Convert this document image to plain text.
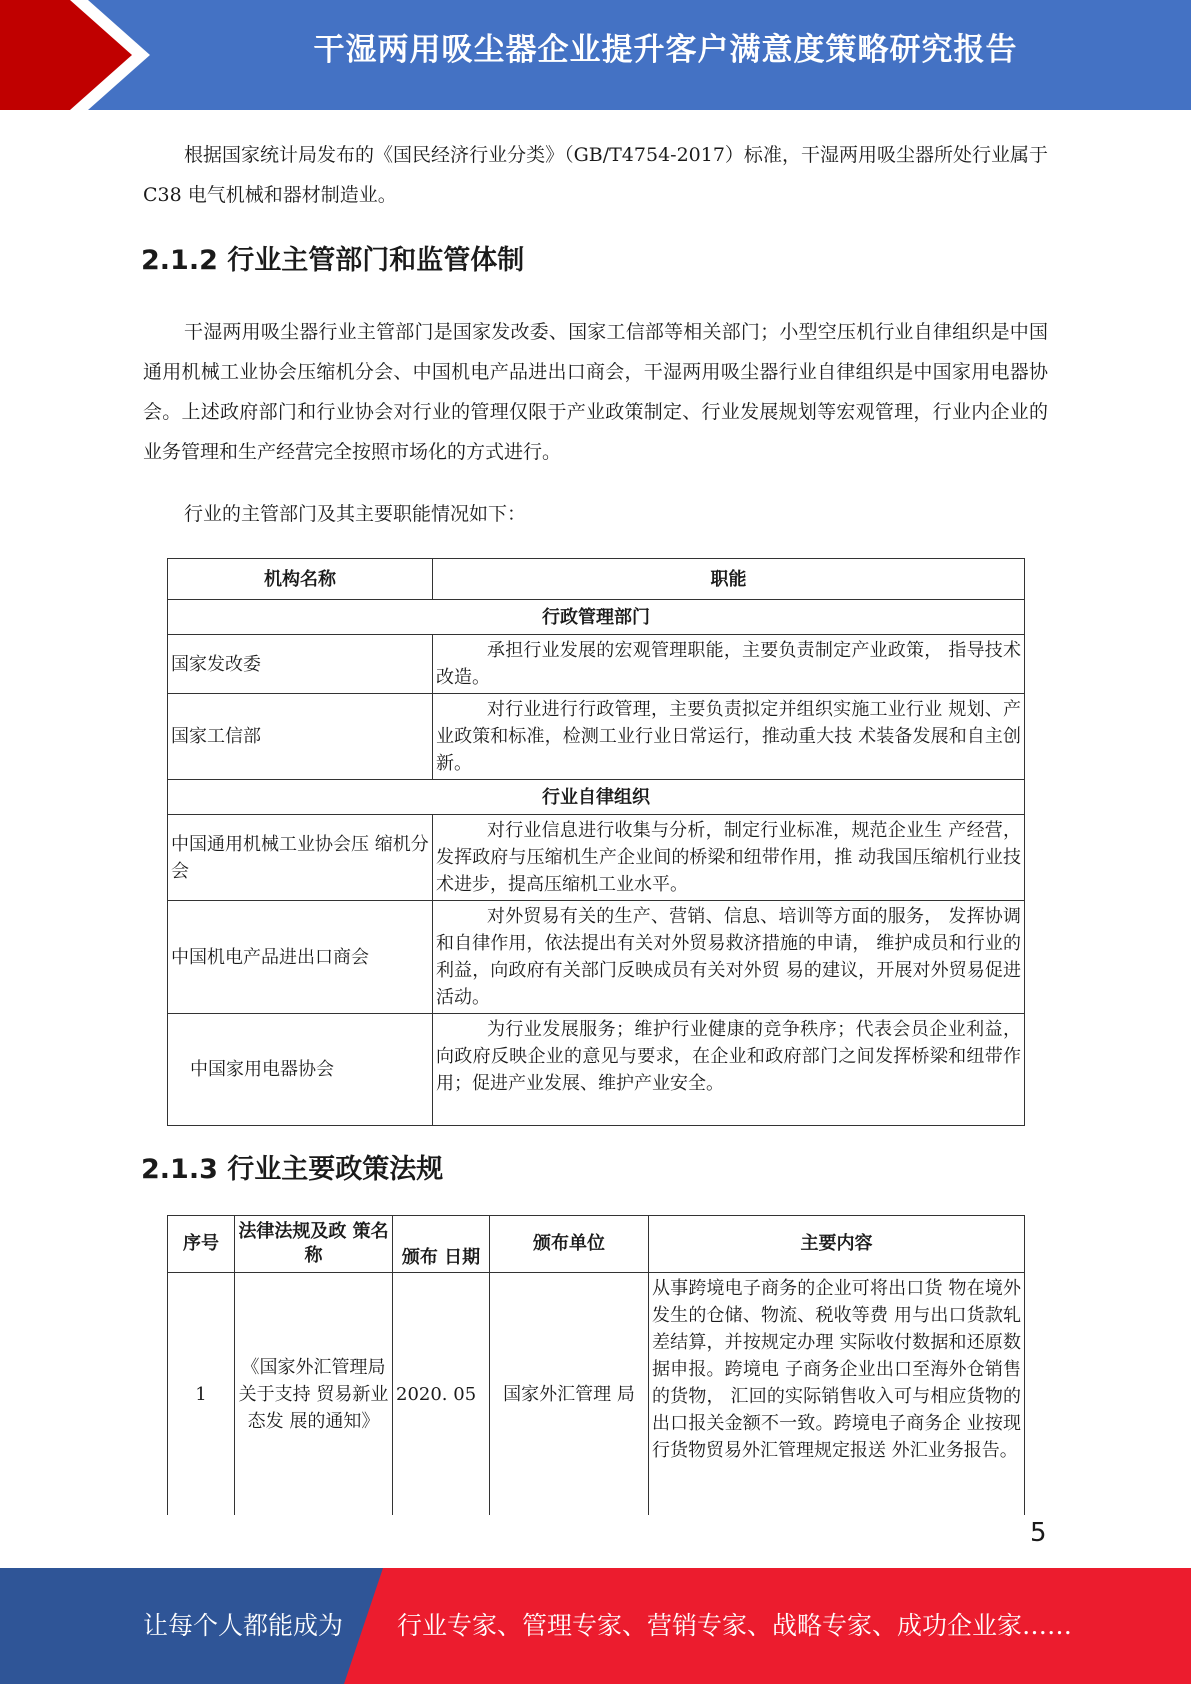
干湿两用吸尘器企业提升客户满意度策略研究报告

根据国家统计局发布的《国民经济行业分类》（GB/T4754-2017）标准，干湿两用吸尘器所处行业属于 C38 电气机械和器材制造业。

2.1.2 行业主管部门和监管体制

干湿两用吸尘器行业主管部门是国家发改委、国家工信部等相关部门；小型空压机行业自律组织是中国通用机械工业协会压缩机分会、中国机电产品进出口商会，干湿两用吸尘器行业自律组织是中国家用电器协会。上述政府部门和行业协会对行业的管理仅限于产业政策制定、行业发展规划等宏观管理，行业内企业的业务管理和生产经营完全按照市场化的方式进行。

行业的主管部门及其主要职能情况如下：

机构名称	职能
行政管理部门	
国家发改委	承担行业发展的宏观管理职能，主要负责制定产业政策， 指导技术改造。
国家工信部	对行业进行行政管理，主要负责拟定并组织实施工业行业 规划、产业政策和标准，检测工业行业日常运行，推动重大技 术装备发展和自主创新。
行业自律组织	
中国通用机械工业协会压 缩机分会	对行业信息进行收集与分析，制定行业标准，规范企业生 产经营，发挥政府与压缩机生产企业间的桥梁和纽带作用，推 动我国压缩机行业技术进步，提高压缩机工业水平。
中国机电产品进出口商会	对外贸易有关的生产、营销、信息、培训等方面的服务， 发挥协调和自律作用，依法提出有关对外贸易救济措施的申请， 维护成员和行业的利益，向政府有关部门反映成员有关对外贸 易的建议，开展对外贸易促进活动。
中国家用电器协会	为行业发展服务；维护行业健康的竞争秩序；代表会员企业利益，向政府反映企业的意见与要求，在企业和政府部门之间发挥桥梁和纽带作用；促进产业发展、维护产业安全。
2.1.3 行业主要政策法规
序号	法律法规及政 策名称	颁布 日期	颁布单位	主要内容
1	《国家外汇管理局关于支持 贸易新业态发 展的通知》	2020. 05	国家外汇管理 局	从事跨境电子商务的企业可将出口货 物在境外发生的仓储、物流、税收等费 用与出口货款轧差结算，并按规定办理 实际收付数据和还原数据申报。跨境电 子商务企业出口至海外仓销售的货物， 汇回的实际销售收入可与相应货物的 出口报关金额不一致。跨境电子商务企 业按现行货物贸易外汇管理规定报送 外汇业务报告。
5
让每个人都能成为 行业专家、管理专家、营销专家、战略专家、成功企业家……
